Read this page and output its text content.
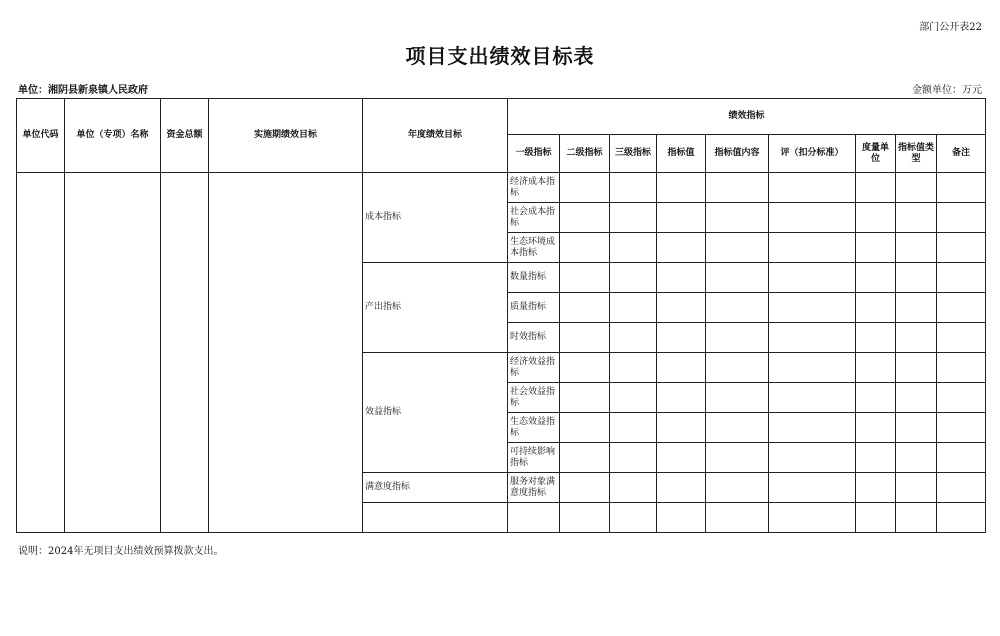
部门公开表22
项目支出绩效目标表
单位：湘阴县新泉镇人民政府	金额单位：万元
单位代码	单位（专项）名称	资金总额	实施期绩效目标	年度绩效目标	绩效指标								
					一级指标	二级指标	三级指标	指标值	指标值内容	评（扣分标准）	度量单位	指标值类型	备注
				成本指标	经济成本指标								
					社会成本指标								
					生态环境成本指标								
				产出指标	数量指标								
					质量指标								
					时效指标								
				效益指标	经济效益指标								
					社会效益指标								
					生态效益指标								
					可持续影响指标								
				满意度指标	服务对象满意度指标								

说明：2024年无项目支出绩效预算拨款支出。
